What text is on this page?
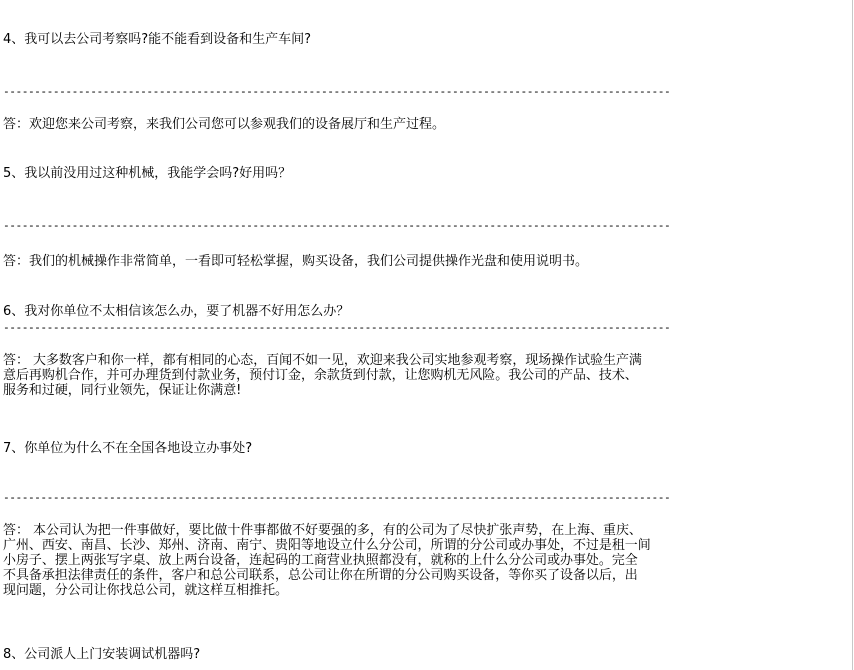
4、我可以去公司考察吗?能不能看到设备和生产车间?
-----------------------------------------------------------------------------------------------------------
答：欢迎您来公司考察，来我们公司您可以参观我们的设备展厅和生产过程。
5、我以前没用过这种机械，我能学会吗?好用吗？
-----------------------------------------------------------------------------------------------------------
答：我们的机械操作非常简单，一看即可轻松掌握，购买设备，我们公司提供操作光盘和使用说明书。
6、我对你单位不太相信该怎么办，要了机器不好用怎么办？
-----------------------------------------------------------------------------------------------------------
答： 大多数客户和你一样，都有相同的心态，百闻不如一见，欢迎来我公司实地参观考察，现场操作试验生产满
意后再购机合作，并可办理货到付款业务，预付订金，余款货到付款，让您购机无风险。我公司的产品、技术、
服务和过硬，同行业领先，保证让你满意!
7、你单位为什么不在全国各地设立办事处?
-----------------------------------------------------------------------------------------------------------
答： 本公司认为把一件事做好，要比做十件事都做不好要强的多，有的公司为了尽快扩张声势，在上海、重庆、
广州、西安、南昌、长沙、郑州、济南、南宁、贵阳等地设立什么分公司，所谓的分公司或办事处，不过是租一间
小房子、摆上两张写字桌、放上两台设备，连起码的工商营业执照都没有，就称的上什么分公司或办事处。完全
不具备承担法律责任的条件，客户和总公司联系，总公司让你在所谓的分公司购买设备，等你买了设备以后，出
现问题，分公司让你找总公司，就这样互相推托。
8、公司派人上门安装调试机器吗?
